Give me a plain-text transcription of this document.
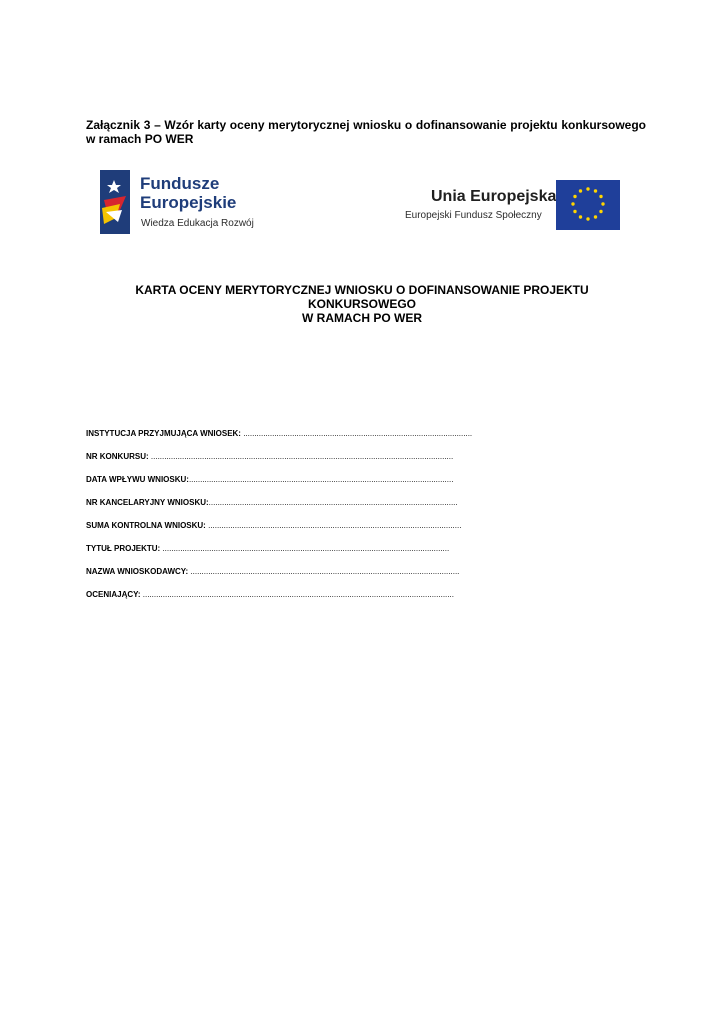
Załącznik 3 – Wzór karty oceny merytorycznej wniosku o dofinansowanie projektu konkursowego w ramach PO WER
Fundusze
Europejskie
Wiedza Edukacja Rozwój
Unia Europejska
Europejski Fundusz Społeczny
KARTA OCENY MERYTORYCZNEJ WNIOSKU O DOFINANSOWANIE PROJEKTU KONKURSOWEGO
W RAMACH PO WER
INSTYTUCJA PRZYJMUJĄCA WNIOSEK: .......................................................................................................
NR KONKURSU: ........................................................................................................................................
DATA WPŁYWU WNIOSKU:.......................................................................................................................
NR KANCELARYJNY WNIOSKU:................................................................................................................
SUMA KONTROLNA WNIOSKU: ..................................................................................................................
TYTUŁ PROJEKTU: .................................................................................................................................
NAZWA WNIOSKODAWCY: .........................................................................................................................
OCENIAJĄCY: ............................................................................................................................................
